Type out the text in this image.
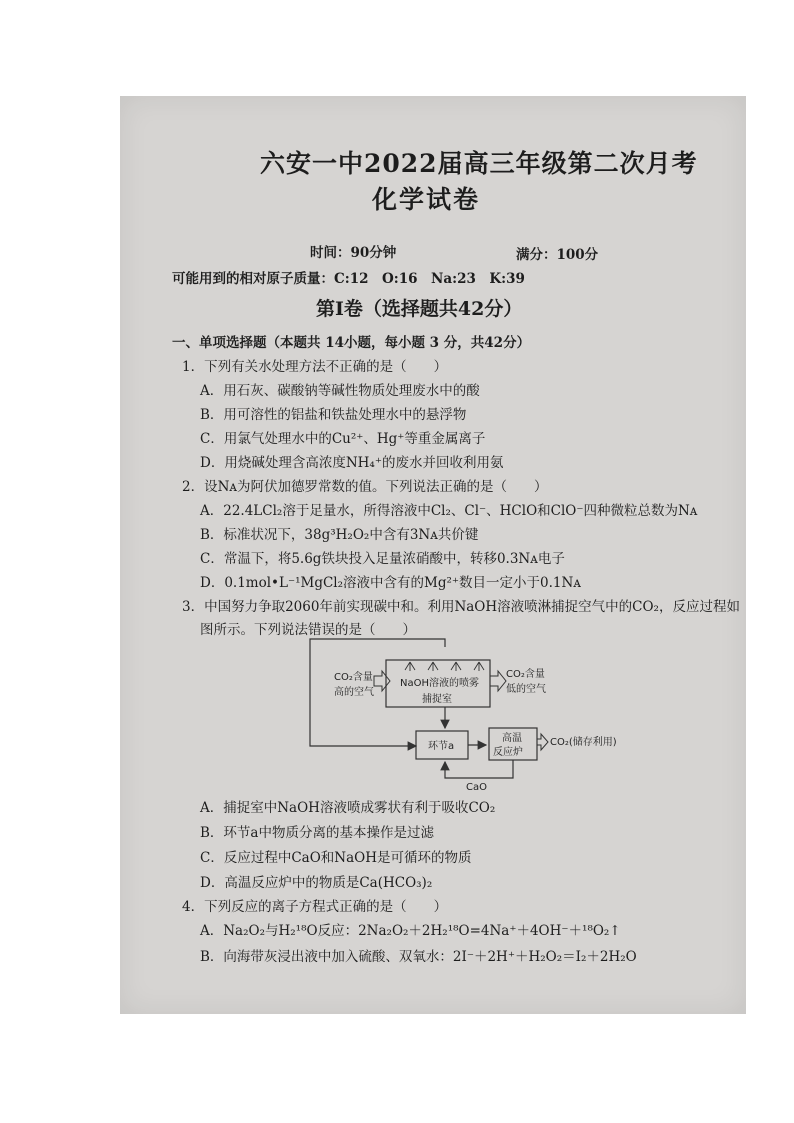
六安一中2022届高三年级第二次月考
化学试卷
时间：90分钟	满分：100分
可能用到的相对原子质量：C:12　O:16　Na:23　K:39
第Ⅰ卷（选择题共42分）
一、单项选择题（本题共 14小题，每小题 3 分，共42分）
1．下列有关水处理方法不正确的是（　　）
A．用石灰、碳酸钠等碱性物质处理废水中的酸
B．用可溶性的铝盐和铁盐处理水中的悬浮物
C．用氯气处理水中的Cu²⁺、Hg⁺等重金属离子
D．用烧碱处理含高浓度NH₄⁺的废水并回收利用氨
2．设Nᴀ为阿伏加德罗常数的值。下列说法正确的是（　　）
A．22.4LCl₂溶于足量水，所得溶液中Cl₂、Cl⁻、HClO和ClO⁻四种微粒总数为Nᴀ
B．标准状况下，38g³H₂O₂中含有3Nᴀ共价键
C．常温下，将5.6g铁块投入足量浓硝酸中，转移0.3Nᴀ电子
D．0.1mol•L⁻¹MgCl₂溶液中含有的Mg²⁺数目一定小于0.1Nᴀ
3．中国努力争取2060年前实现碳中和。利用NaOH溶液喷淋捕捉空气中的CO₂，反应过程如
图所示。下列说法错误的是（　　）
NaOH溶液的喷雾
捕捉室
CO₂含量
高的空气
CO₂含量
低的空气
环节a
高温
反应炉
CO₂(储存利用)
CaO
A．捕捉室中NaOH溶液喷成雾状有利于吸收CO₂
B．环节a中物质分离的基本操作是过滤
C．反应过程中CaO和NaOH是可循环的物质
D．高温反应炉中的物质是Ca(HCO₃)₂
4．下列反应的离子方程式正确的是（　　）
A．Na₂O₂与H₂¹⁸O反应：2Na₂O₂＋2H₂¹⁸O=4Na⁺＋4OH⁻＋¹⁸O₂↑
B．向海带灰浸出液中加入硫酸、双氧水：2I⁻＋2H⁺＋H₂O₂＝I₂＋2H₂O
